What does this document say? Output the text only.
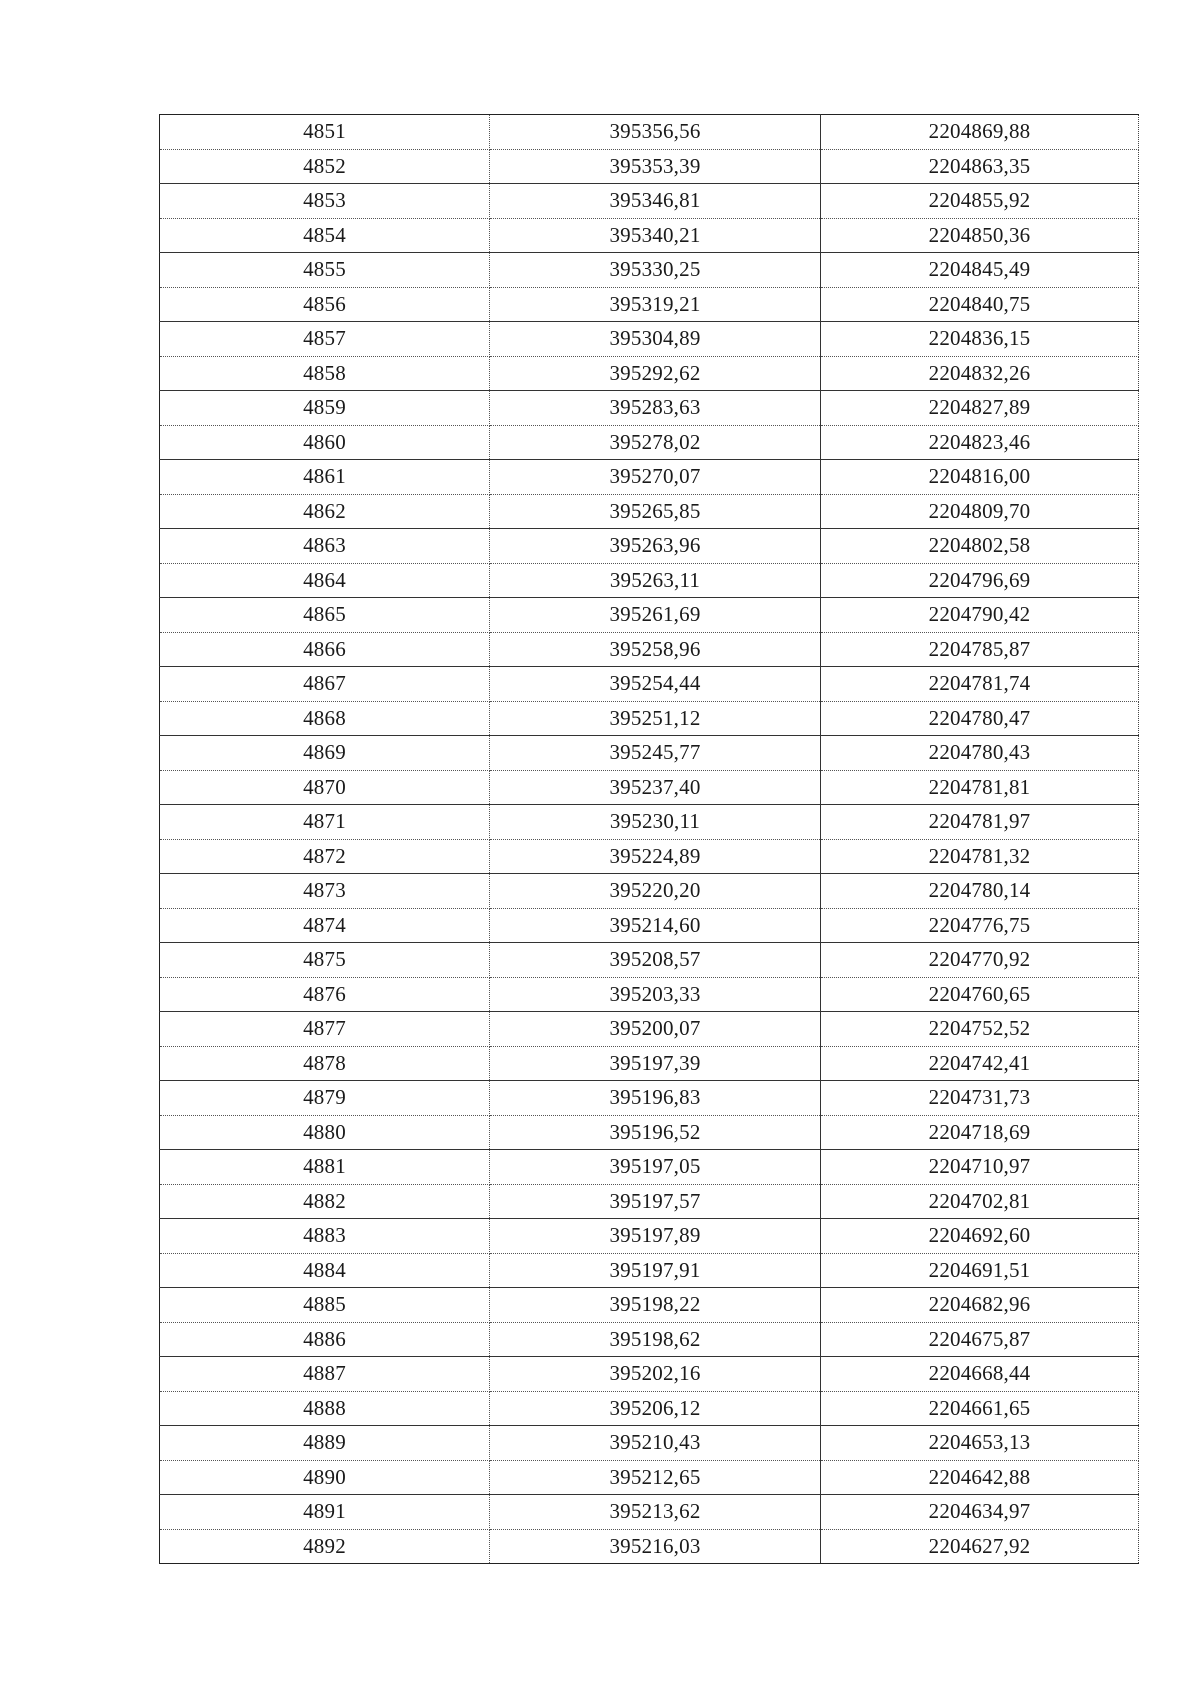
4851	395356,56	2204869,88
4852	395353,39	2204863,35
4853	395346,81	2204855,92
4854	395340,21	2204850,36
4855	395330,25	2204845,49
4856	395319,21	2204840,75
4857	395304,89	2204836,15
4858	395292,62	2204832,26
4859	395283,63	2204827,89
4860	395278,02	2204823,46
4861	395270,07	2204816,00
4862	395265,85	2204809,70
4863	395263,96	2204802,58
4864	395263,11	2204796,69
4865	395261,69	2204790,42
4866	395258,96	2204785,87
4867	395254,44	2204781,74
4868	395251,12	2204780,47
4869	395245,77	2204780,43
4870	395237,40	2204781,81
4871	395230,11	2204781,97
4872	395224,89	2204781,32
4873	395220,20	2204780,14
4874	395214,60	2204776,75
4875	395208,57	2204770,92
4876	395203,33	2204760,65
4877	395200,07	2204752,52
4878	395197,39	2204742,41
4879	395196,83	2204731,73
4880	395196,52	2204718,69
4881	395197,05	2204710,97
4882	395197,57	2204702,81
4883	395197,89	2204692,60
4884	395197,91	2204691,51
4885	395198,22	2204682,96
4886	395198,62	2204675,87
4887	395202,16	2204668,44
4888	395206,12	2204661,65
4889	395210,43	2204653,13
4890	395212,65	2204642,88
4891	395213,62	2204634,97
4892	395216,03	2204627,92
